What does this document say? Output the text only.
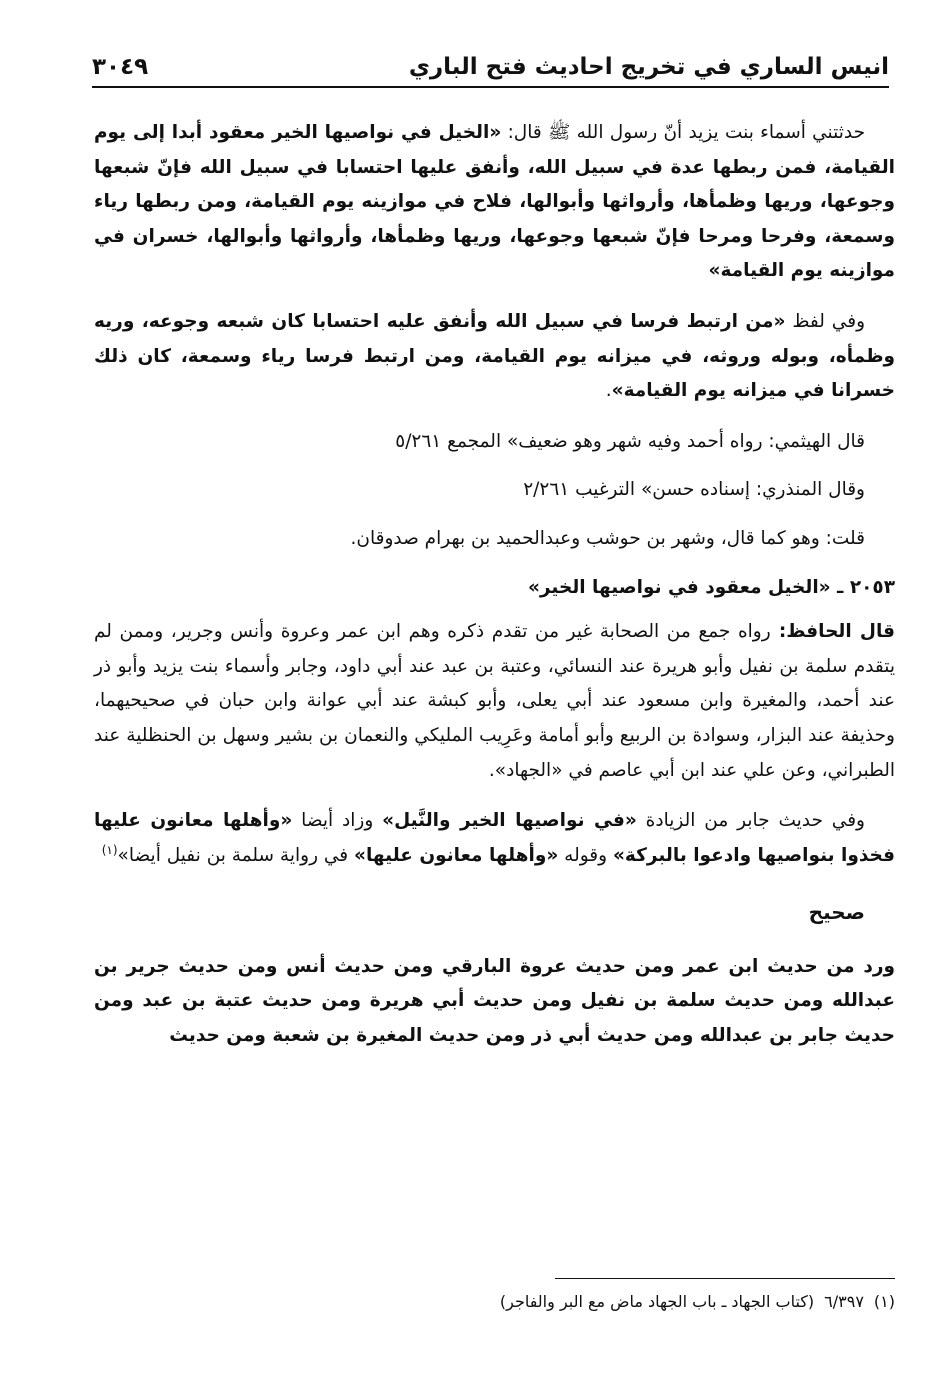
انيس الساري في تخريج احاديث فتح الباري
٣٠٤٩

حدثتني أسماء بنت يزيد أنّ رسول الله ﷺ قال: «الخيل في نواصيها الخير معقود أبدا إلى يوم القيامة، فمن ربطها عدة في سبيل الله، وأنفق عليها احتسابا في سبيل الله فإنّ شبعها وجوعها، وريها وظمأها، وأرواثها وأبوالها، فلاح في موازينه يوم القيامة، ومن ربطها رياء وسمعة، وفرحا ومرحا فإنّ شبعها وجوعها، وريها وظمأها، وأرواثها وأبوالها، خسران في موازينه يوم القيامة»

وفي لفظ «من ارتبط فرسا في سبيل الله وأنفق عليه احتسابا كان شبعه وجوعه، وريه وظمأه، وبوله وروثه، في ميزانه يوم القيامة، ومن ارتبط فرسا رياء وسمعة، كان ذلك خسرانا في ميزانه يوم القيامة».

قال الهيثمي: رواه أحمد وفيه شهر وهو ضعيف» المجمع ٥/٢٦١

وقال المنذري: إسناده حسن» الترغيب ٢/٢٦١

قلت: وهو كما قال، وشهر بن حوشب وعبدالحميد بن بهرام صدوقان.

٢٠٥٣ ـ «الخيل معقود في نواصيها الخير»

قال الحافظ: رواه جمع من الصحابة غير من تقدم ذكره وهم ابن عمر وعروة وأنس وجرير، وممن لم يتقدم سلمة بن نفيل وأبو هريرة عند النسائي، وعتبة بن عبد عند أبي داود، وجابر وأسماء بنت يزيد وأبو ذر عند أحمد، والمغيرة وابن مسعود عند أبي يعلى، وأبو كبشة عند أبي عوانة وابن حبان في صحيحيهما، وحذيفة عند البزار، وسوادة بن الربيع وأبو أمامة وعَرِيب المليكي والنعمان بن بشير وسهل بن الحنظلية عند الطبراني، وعن علي عند ابن أبي عاصم في «الجهاد».

وفي حديث جابر من الزيادة «في نواصيها الخير والنَّيل» وزاد أيضا «وأهلها معانون عليها فخذوا بنواصيها وادعوا بالبركة» وقوله «وأهلها معانون عليها» في رواية سلمة بن نفيل أيضا»$^{(١)}$

صحيح

ورد من حديث ابن عمر ومن حديث عروة البارقي ومن حديث أنس ومن حديث جرير بن عبدالله ومن حديث سلمة بن نفيل ومن حديث أبي هريرة ومن حديث عتبة بن عبد ومن حديث جابر بن عبدالله ومن حديث أبي ذر ومن حديث المغيرة بن شعبة ومن حديث

(١)٦/٣٩٧(كتاب الجهاد ـ باب الجهاد ماض مع البر والفاجر)
